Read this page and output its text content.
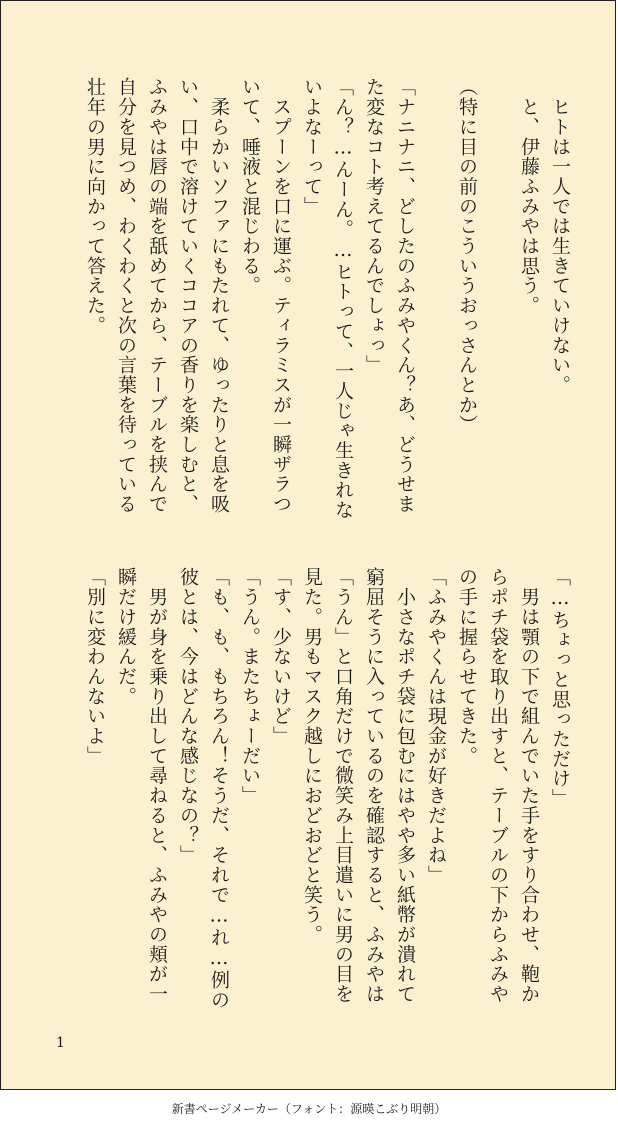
　ヒトは一人では生きていけない。
　と、伊藤ふみやは思う。

（特に目の前のこういうおっさんとか）

「ナニナニ、どしたのふみやくん？あ、どうせま
た変なコト考えてるんでしょっ」
「ん？…んーん。…ヒトって、一人じゃ生きれな
いよなーって」
　スプーンを口に運ぶ。ティラミスが一瞬ザラつ
いて、唾液と混じわる。
　柔らかいソファにもたれて、ゆったりと息を吸
い、口中で溶けていくココアの香りを楽しむと、
ふみやは唇の端を舐めてから、テーブルを挟んで
自分を見つめ、わくわくと次の言葉を待っている
壮年の男に向かって答えた。
「…ちょっと思っただけ」
　男は顎の下で組んでいた手をすり合わせ、鞄か
らポチ袋を取り出すと、テーブルの下からふみや
の手に握らせてきた。
「ふみやくんは現金が好きだよね」
　小さなポチ袋に包むにはやや多い紙幣が潰れて
窮屈そうに入っているのを確認すると、ふみやは
「うん」と口角だけで微笑み上目遣いに男の目を
見た。男もマスク越しにおどおどと笑う。
「す、少ないけど」
「うん。またちょーだい」
「も、も、もちろん！そうだ、それで…れ…例の
彼とは、今はどんな感じなの？」
　男が身を乗り出して尋ねると、ふみやの頬が一
瞬だけ緩んだ。
「別に変わんないよ」
1
新書ページメーカー（フォント：源暎こぶり明朝）
